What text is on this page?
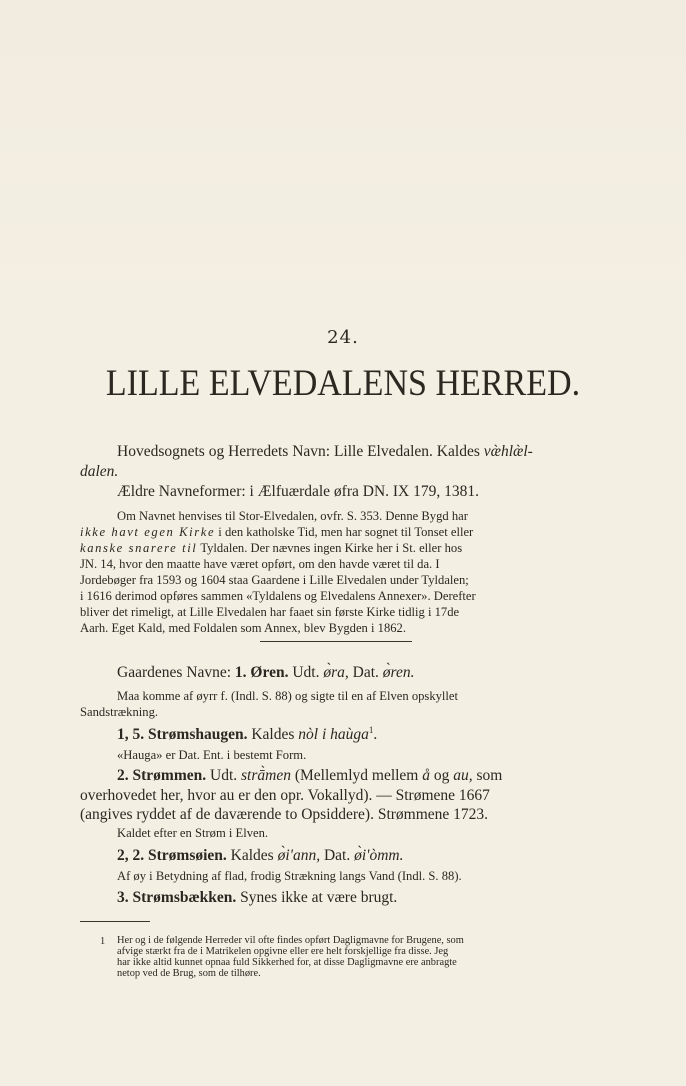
24.
LILLE ELVEDALENS HERRED.
Hovedsognets og Herredets Navn: Lille Elvedalen. Kaldes væ̀hlæ̀l-
dalen.
Ældre Navneformer: i Ælfuærdale øfra DN. IX 179, 1381.
Om Navnet henvises til Stor-Elvedalen, ovfr. S. 353. Denne Bygd har
ikke havt egen Kirke i den katholske Tid, men har sognet til Tonset eller
kanske snarere til Tyldalen. Der nævnes ingen Kirke her i St. eller hos
JN. 14, hvor den maatte have været opført, om den havde været til da. I
Jordebøger fra 1593 og 1604 staa Gaardene i Lille Elvedalen under Tyldalen;
i 1616 derimod opføres sammen «Tyldalens og Elvedalens Annexer». Derefter
bliver det rimeligt, at Lille Elvedalen har faaet sin første Kirke tidlig i 17de
Aarh. Eget Kald, med Foldalen som Annex, blev Bygden i 1862.
Gaardenes Navne: 1. Øren. Udt. ø̀ra, Dat. ø̀ren.
Maa komme af øyrr f. (Indl. S. 88) og sigte til en af Elven opskyllet
Sandstrækning.
1, 5. Strømshaugen. Kaldes nòl i haùga$^1$.
«Hauga» er Dat. Ent. i bestemt Form.
2. Strømmen. Udt. strā̀men (Mellemlyd mellem å og au, som
overhovedet her, hvor au er den opr. Vokallyd). — Strømene 1667
(angives ryddet af de daværende to Opsiddere). Strømmene 1723.
Kaldet efter en Strøm i Elven.
2, 2. Strømsøien. Kaldes ø̀i'ann, Dat. ø̀i'òmm.
Af øy i Betydning af flad, frodig Strækning langs Vand (Indl. S. 88).
3. Strømsbækken. Synes ikke at være brugt.
1 Her og i de følgende Herreder vil ofte findes opført Dagligmavne for Brugene, som
afvige stærkt fra de i Matrikelen opgivne eller ere helt forskjellige fra disse. Jeg
har ikke altid kunnet opnaa fuld Sikkerhed for, at disse Dagligmavne ere anbragte
netop ved de Brug, som de tilhøre.
